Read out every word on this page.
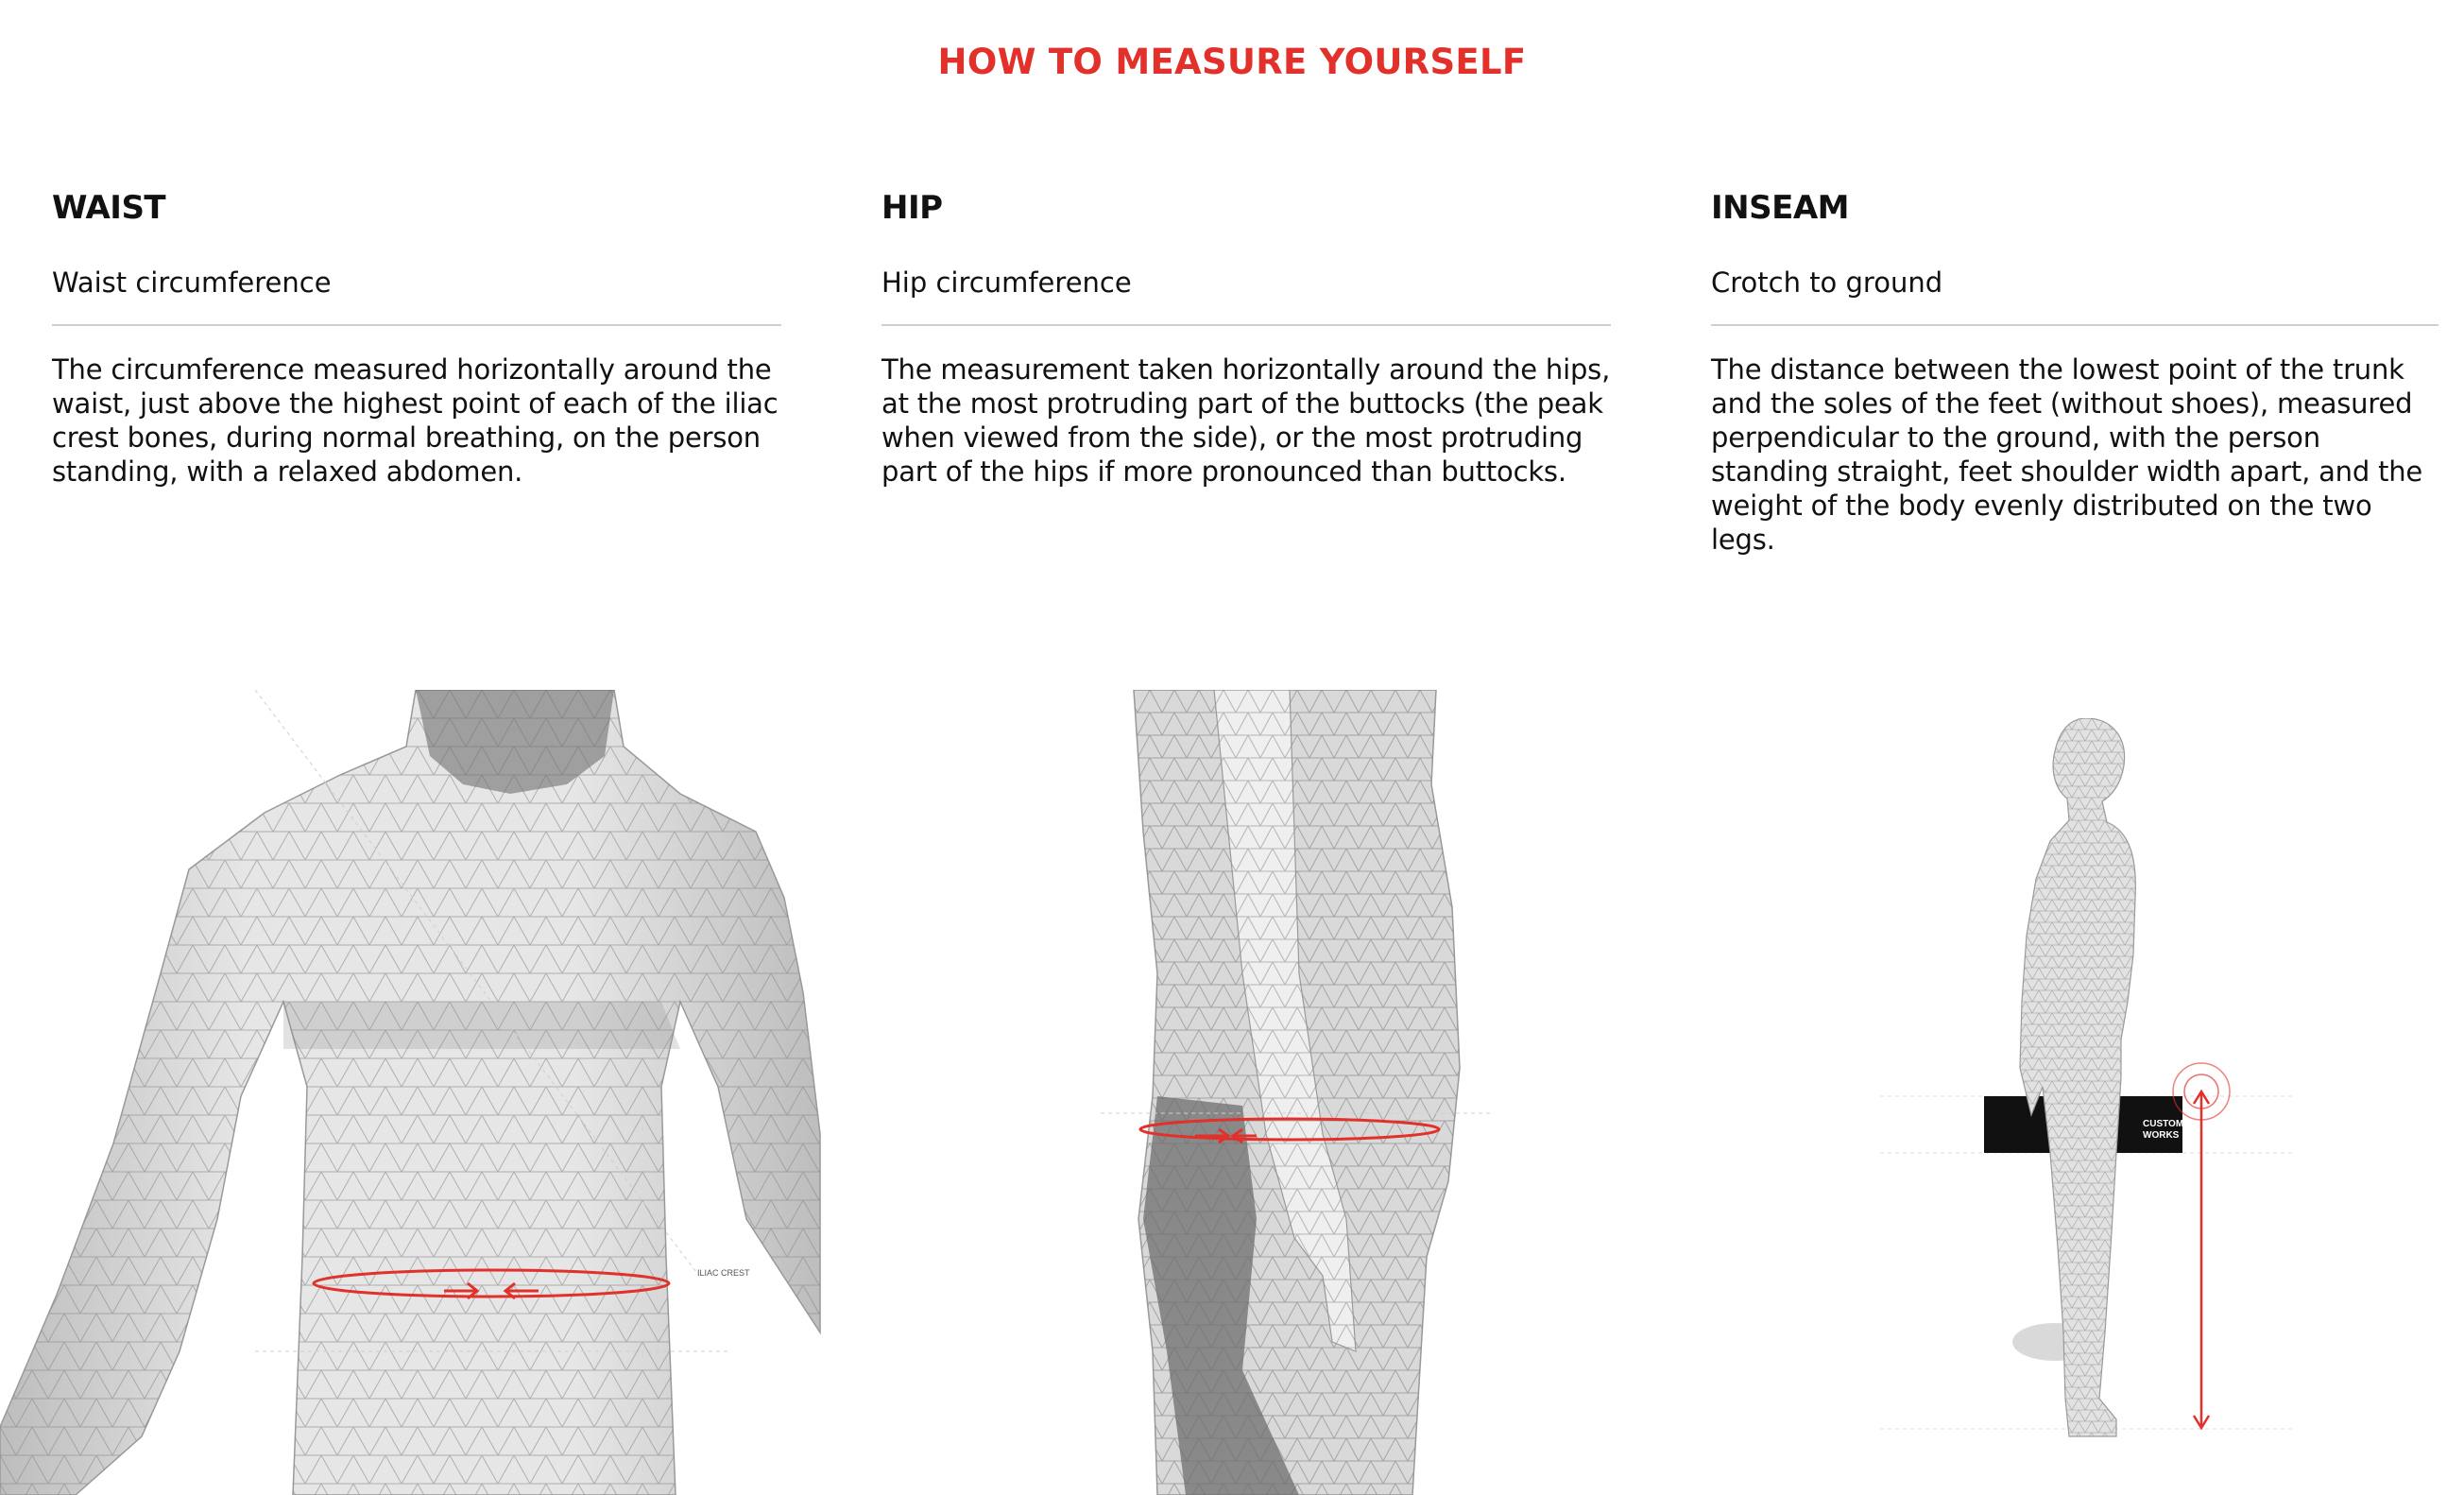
HOW TO MEASURE YOURSELF
WAIST

Waist circumference

The circumference measured horizontally around the waist, just above the highest point of each of the iliac crest bones, during normal breathing, on the person standing, with a relaxed abdomen.

HIP

Hip circumference

The measurement taken horizontally around the hips, at the most protruding part of the buttocks (the peak when viewed from the side), or the most protruding part of the hips if more pronounced than buttocks.

INSEAM

Crotch to ground

The distance between the lowest point of the trunk and the soles of the feet (without shoes), measured perpendicular to the ground, with the person standing straight, feet shoulder width apart, and the weight of the body evenly distributed on the two legs.

ILIAC CREST
CUSTOM
WORKS
